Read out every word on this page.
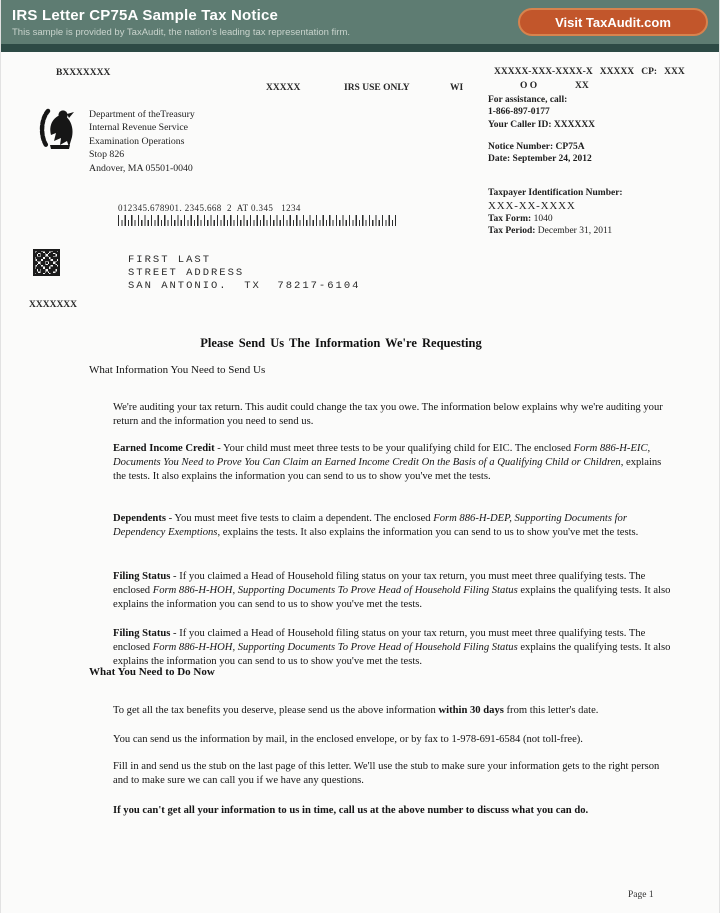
IRS Letter CP75A Sample Tax Notice
This sample is provided by TaxAudit, the nation's leading tax representation firm.
Visit TaxAudit.com
BXXXXXXX
XXXXX	IRS USE ONLY	WI
XXXXX-XXX-XXXX-X   XXXXX   CP:   XXX
O O	XX
Department of theTreasury
Internal Revenue Service
Examination Operations
Stop 826
Andover, MA 05501-0040
For assistance, call:
1-866-897-0177
Your Caller ID: XXXXXX
Notice Number: CP75A
Date: September 24, 2012
Taxpayer Identification Number:
XXX-XX-XXXX
Tax Form: 1040
Tax Period: December 31, 2011
012345.678901. 2345.668  2  AT 0.345   1234
FIRST LAST
STREET ADDRESS
SAN ANTONIO.  TX  78217-6104
XXXXXXX
Please Send Us The Information We're Requesting
What Information You Need to Send Us

We're auditing your tax return. This audit could change the tax you owe. The information below explains why we're auditing your return and the information you need to send us.

Earned Income Credit - Your child must meet three tests to be your qualifying child for EIC. The enclosed Form 886-H-EIC, Documents You Need to Prove You Can Claim an Earned Income Credit On the Basis of a Qualifying Child or Children, explains the tests. It also explains the information you can send to us to show you've met the tests.

Dependents - You must meet five tests to claim a dependent. The enclosed Form 886-H-DEP, Supporting Documents for Dependency Exemptions, explains the tests. It also explains the information you can send to us to show you've met the tests.

Filing Status - If you claimed a Head of Household filing status on your tax return, you must meet three qualifying tests. The enclosed Form 886-H-HOH, Supporting Documents To Prove Head of Household Filing Status explains the qualifying tests. It also explains the information you can send to us to show you've met the tests.

Filing Status - If you claimed a Head of Household filing status on your tax return, you must meet three qualifying tests. The enclosed Form 886-H-HOH, Supporting Documents To Prove Head of Household Filing Status explains the qualifying tests. It also explains the information you can send to us to show you've met the tests.

What You Need to Do Now

To get all the tax benefits you deserve, please send us the above information within 30 days from this letter's date.

You can send us the information by mail, in the enclosed envelope, or by fax to 1-978-691-6584 (not toll-free).

Fill in and send us the stub on the last page of this letter. We'll use the stub to make sure your information gets to the right person and to make sure we can call you if we have any questions.

If you can't get all your information to us in time, call us at the above number to discuss what you can do.

Page 1
